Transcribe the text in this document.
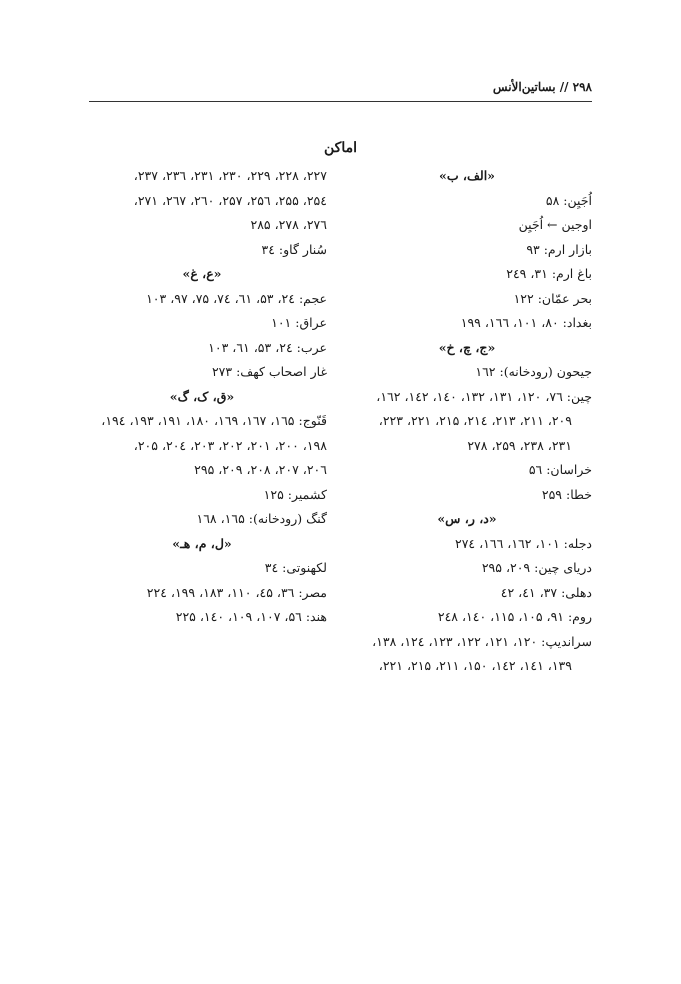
۲۹۸ // بساتین‌الأنس
اماکن
«الف، ب»
اُجَیِن: ۵۸
اوجین ← اُجَیِن
بازار ارم: ۹۳
باغ ارم: ۳۱، ۲٤۹
بحر عمّان: ۱۲۲
بغداد: ۸۰، ۱۰۱، ۱٦٦، ۱۹۹
«ج، چ، خ»
جیحون (رودخانه): ۱٦۲
چین: ۷٦، ۱۲۰، ۱۳۱، ۱۳۲، ۱٤۰، ۱٤۲، ۱٦۲،
۲۰۹، ۲۱۱، ۲۱۳، ۲۱٤، ۲۱۵، ۲۲۱، ۲۲۳،
۲۳۱، ۲۳۸، ۲۵۹، ۲۷۸
خراسان: ۵٦
خطا: ۲۵۹
«د، ر، س»
دجله: ۱۰۱، ۱٦۲، ۱٦٦، ۲۷٤
دریای چین: ۲۰۹، ۲۹۵
دهلی: ۳۷، ٤۱، ٤۲
روم: ۹۱، ۱۰۵، ۱۱۵، ۱٤۰، ۲٤۸
سراندیپ: ۱۲۰، ۱۲۱، ۱۲۲، ۱۲۳، ۱۲٤، ۱۳۸،
۱۳۹، ۱٤۱، ۱٤۲، ۱۵۰، ۲۱۱، ۲۱۵، ۲۲۱،
۲۲۷، ۲۲۸، ۲۲۹، ۲۳۰، ۲۳۱، ۲۳٦، ۲۳۷،
۲۵٤، ۲۵۵، ۲۵٦، ۲۵۷، ۲٦۰، ۲٦۷، ۲۷۱،
۲۷٦، ۲۷۸، ۲۸۵
سُنار گاو: ۳٤
«ع، غ»
عجم: ۲٤، ۵۳، ٦۱، ۷٤، ۷۵، ۹۷، ۱۰۳
عراق: ۱۰۱
عرب: ۲٤، ۵۳، ٦۱، ۱۰۳
غار اصحاب کهف: ۲۷۳
«ق، ک، گ»
قَنّوج: ۱٦۵، ۱٦۷، ۱٦۹، ۱۸۰، ۱۹۱، ۱۹۳، ۱۹٤،
۱۹۸، ۲۰۰، ۲۰۱، ۲۰۲، ۲۰۳، ۲۰٤، ۲۰۵،
۲۰٦، ۲۰۷، ۲۰۸، ۲۰۹، ۲۹۵
کشمیر: ۱۲۵
گنگ (رودخانه): ۱٦۵، ۱٦۸
«ل، م، هـ»
لکهنوتی: ۳٤
مصر: ۳٦، ٤۵، ۱۱۰، ۱۸۳، ۱۹۹، ۲۲٤
هند: ۵٦، ۱۰۷، ۱۰۹، ۱٤۰، ۲۲۵
